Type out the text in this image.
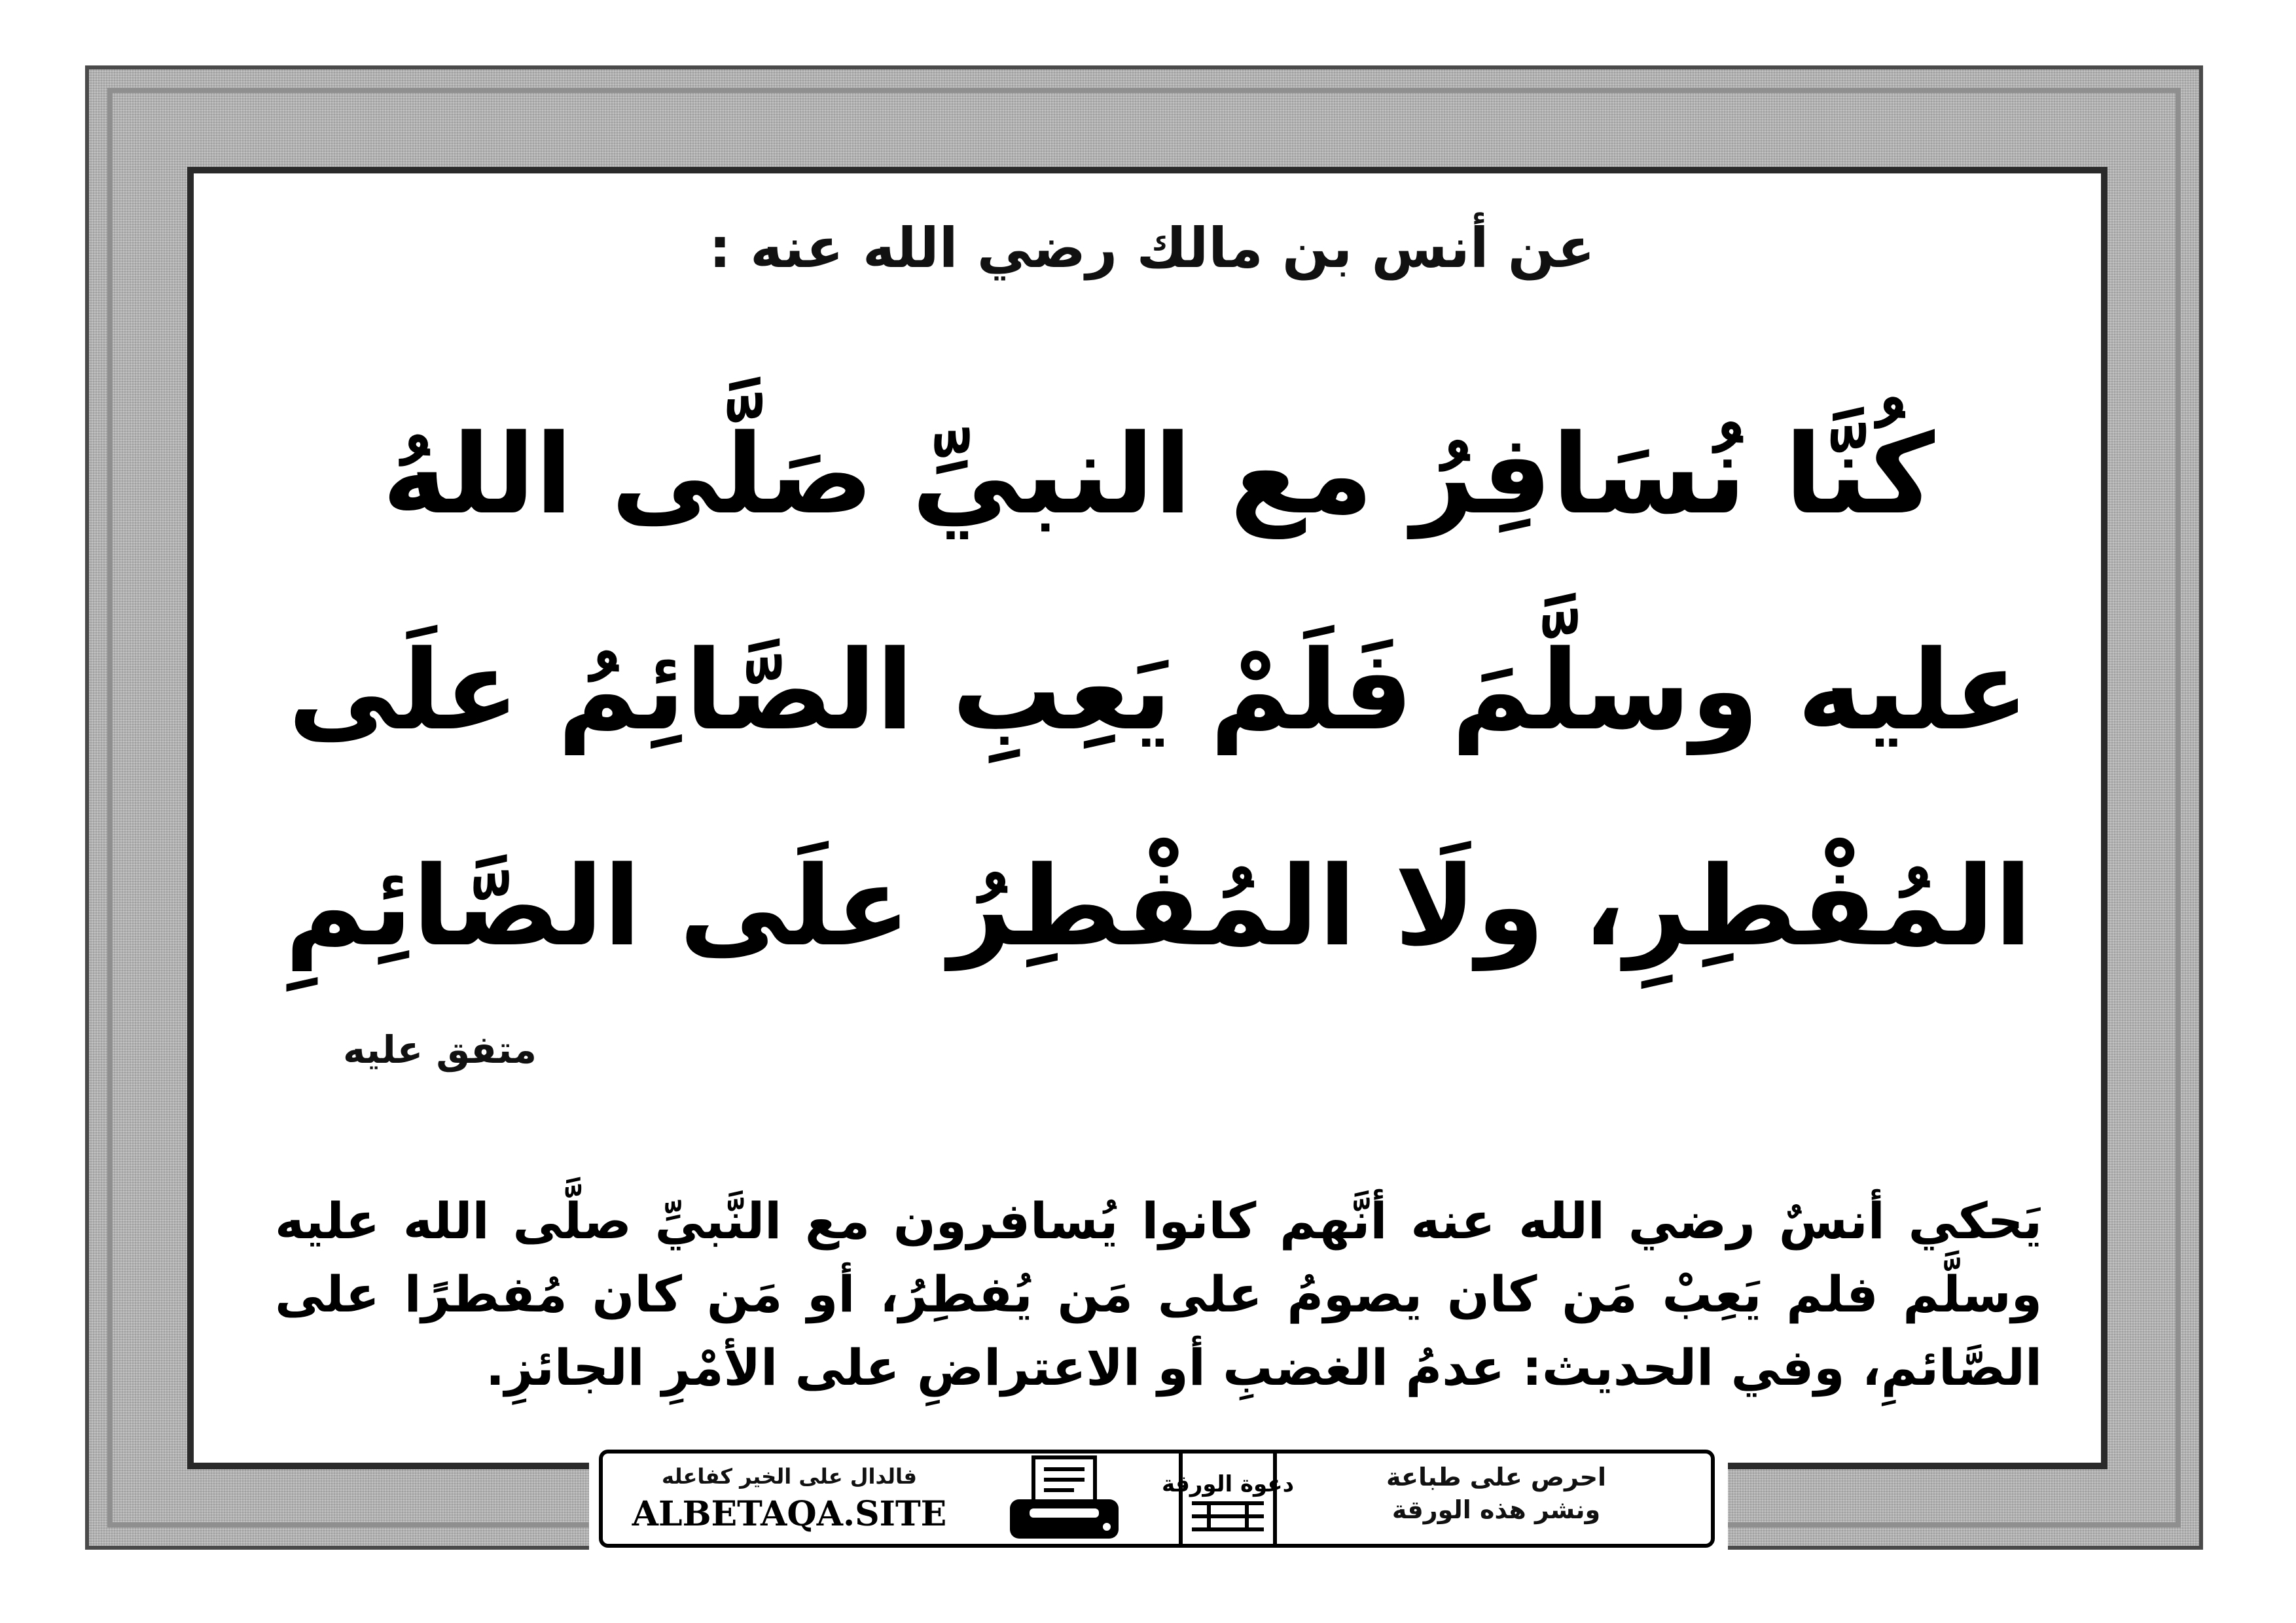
عن أنس بن مالك رضي الله عنه :
كُنَّا نُسَافِرُ مع النبيِّ صَلَّى اللهُ عليه وسلَّمَ فَلَمْ يَعِبِ الصَّائِمُ علَى المُفْطِرِ، ولَا المُفْطِرُ علَى الصَّائِمِ
متفق عليه
يَحكي أنسٌ رضي الله عنه أنَّهم كانوا يُسافرون مع النَّبيِّ صلَّى الله عليه وسلَّم فلم يَعِبْ مَن كان يصومُ على مَن يُفطِرُ، أو مَن كان مُفطرًا على الصَّائمِ، وفي الحديث: عدمُ الغضبِ أو الاعتراضِ على الأمْرِ الجائزِ.
فالدال على الخير كفاعله
ALBETAQA.SITE
دعوة الورقة	احرص على طباعة
ونشر هذه الورقة
